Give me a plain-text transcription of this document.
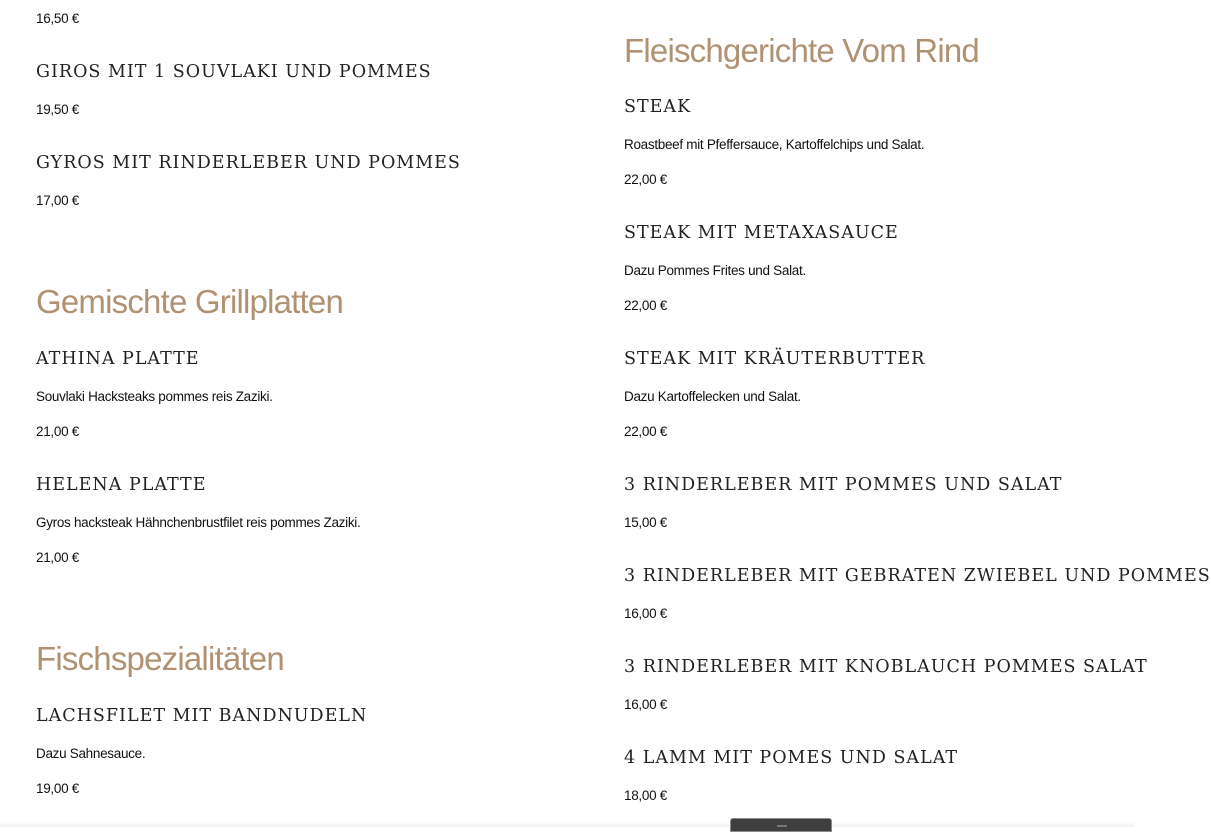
16,50 €
GIROS MIT 1 SOUVLAKI UND POMMES
19,50 €
GYROS MIT RINDERLEBER UND POMMES
17,00 €
Gemischte Grillplatten
ATHINA PLATTE
Souvlaki Hacksteaks pommes reis Zaziki.
21,00 €
HELENA PLATTE
Gyros hacksteak Hähnchenbrustfilet reis pommes Zaziki.
21,00 €
Fischspezialitäten
LACHSFILET MIT BANDNUDELN
Dazu Sahnesauce.
19,00 €
Fleischgerichte Vom Rind
STEAK
Roastbeef mit Pfeffersauce, Kartoffelchips und Salat.
22,00 €
STEAK MIT METAXASAUCE
Dazu Pommes Frites und Salat.
22,00 €
STEAK MIT KRÄUTERBUTTER
Dazu Kartoffelecken und Salat.
22,00 €
3 RINDERLEBER MIT POMMES UND SALAT
15,00 €
3 RINDERLEBER MIT GEBRATEN ZWIEBEL UND POMMES
16,00 €
3 RINDERLEBER MIT KNOBLAUCH POMMES SALAT
16,00 €
4 LAMM MIT POMES UND SALAT
18,00 €
